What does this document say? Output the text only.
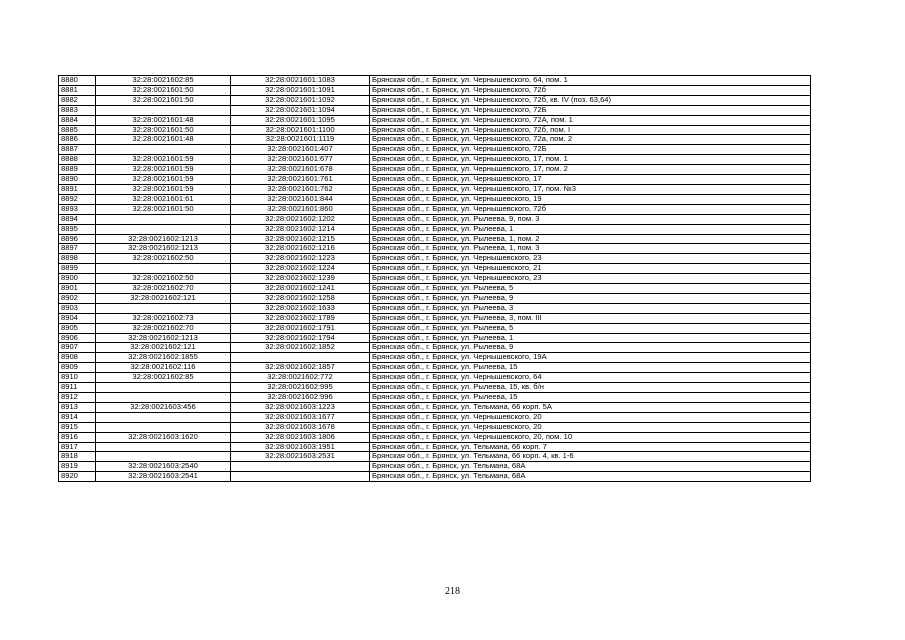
8880	32:28:0021602:85	32:28:0021601:1083	Брянская обл., г. Брянск, ул. Чернышевского, 64, пом. 1
8881	32:28:0021601:50	32:28:0021601:1091	Брянская обл., г. Брянск, ул. Чернышевского, 72б
8882	32:28:0021601:50	32:28:0021601:1092	Брянская обл., г. Брянск, ул. Чернышевского, 72б, кв. IV (поз. 63,64)
8883		32:28:0021601:1094	Брянская обл., г. Брянск, ул. Чернышевского, 72Б
8884	32:28:0021601:48	32:28:0021601:1095	Брянская обл., г. Брянск, ул. Чернышевского, 72А, пом. 1
8885	32:28:0021601:50	32:28:0021601:1100	Брянская обл., г. Брянск, ул. Чернышевского, 72б, пом. I
8886	32:28:0021601:48	32:28:0021601:1119	Брянская обл., г. Брянск, ул. Чернышевского, 72а, пом. 2
8887		32:28:0021601:407	Брянская обл., г. Брянск, ул. Чернышевского, 72Б
8888	32:28:0021601:59	32:28:0021601:677	Брянская обл., г. Брянск, ул. Чернышевского, 17, пом. 1
8889	32:28:0021601:59	32:28:0021601:678	Брянская обл., г. Брянск, ул. Чернышевского, 17, пом. 2
8890	32:28:0021601:59	32:28:0021601:761	Брянская обл., г. Брянск, ул. Чернышевского, 17
8891	32:28:0021601:59	32:28:0021601:762	Брянская обл., г. Брянск, ул. Чернышевского, 17, пом. №3
8892	32:28:0021601:61	32:28:0021601:844	Брянская обл., г. Брянск, ул. Чернышевского, 19
8893	32:28:0021601:50	32:28:0021601:860	Брянская обл., г. Брянск, ул. Чернышевского, 72б
8894		32:28:0021602:1202	Брянская обл., г. Брянск, ул. Рылеева, 9, пом. 3
8895		32:28:0021602:1214	Брянская обл., г. Брянск, ул. Рылеева, 1
8896	32:28:0021602:1213	32:28:0021602:1215	Брянская обл., г. Брянск, ул. Рылеева, 1, пом. 2
8897	32:28:0021602:1213	32:28:0021602:1216	Брянская обл., г. Брянск, ул. Рылеева, 1, пом. 3
8898	32:28:0021602:50	32:28:0021602:1223	Брянская обл., г. Брянск, ул. Чернышевского, 23
8899		32:28:0021602:1224	Брянская обл., г. Брянск, ул. Чернышевского, 21
8900	32:28:0021602:50	32:28:0021602:1239	Брянская обл., г. Брянск, ул. Чернышевского, 23
8901	32:28:0021602:70	32:28:0021602:1241	Брянская обл., г. Брянск, ул. Рылеева, 5
8902	32:28:0021602:121	32:28:0021602:1258	Брянская обл., г. Брянск, ул. Рылеева, 9
8903		32:28:0021602:1633	Брянская обл., г. Брянск, ул. Рылеева, 3
8904	32:28:0021602:73	32:28:0021602:1789	Брянская обл., г. Брянск, ул. Рылеева, 3, пом. III
8905	32:28:0021602:70	32:28:0021602:1791	Брянская обл., г. Брянск, ул. Рылеева, 5
8906	32:28:0021602:1213	32:28:0021602:1794	Брянская обл., г. Брянск, ул. Рылеева, 1
8907	32:28:0021602:121	32:28:0021602:1852	Брянская обл., г. Брянск, ул. Рылеева, 9
8908	32:28:0021602:1855		Брянская обл., г. Брянск, ул. Чернышевского, 19А
8909	32:28:0021602:116	32:28:0021602:1857	Брянская обл., г. Брянск, ул. Рылеева, 15
8910	32:28:0021602:85	32:28:0021602:772	Брянская обл., г. Брянск, ул. Чернышевского, 64
8911		32:28:0021602:995	Брянская обл., г. Брянск, ул. Рылеева, 15, кв. б/н
8912		32:28:0021602:996	Брянская обл., г. Брянск, ул. Рылеева, 15
8913	32:28:0021603:456	32:28:0021603:1223	Брянская обл., г. Брянск, ул. Тельмана, 66 корп. 5А
8914		32:28:0021603:1677	Брянская обл., г. Брянск, ул. Чернышевского, 20
8915		32:28:0021603:1678	Брянская обл., г. Брянск, ул. Чернышевского, 20
8916	32:28:0021603:1620	32:28:0021603:1806	Брянская обл., г. Брянск, ул. Чернышевского, 20, пом. 10
8917		32:28:0021603:1951	Брянская обл., г. Брянск, ул. Тельмана, 66 корп. 7
8918		32:28:0021603:2531	Брянская обл., г. Брянск, ул. Тельмана, 66 корп. 4, кв. 1-6
8919	32:28:0021603:2540		Брянская обл., г. Брянск, ул. Тельмана, 68А
8920	32:28:0021603:2541		Брянская обл., г. Брянск, ул. Тельмана, 68А
218
